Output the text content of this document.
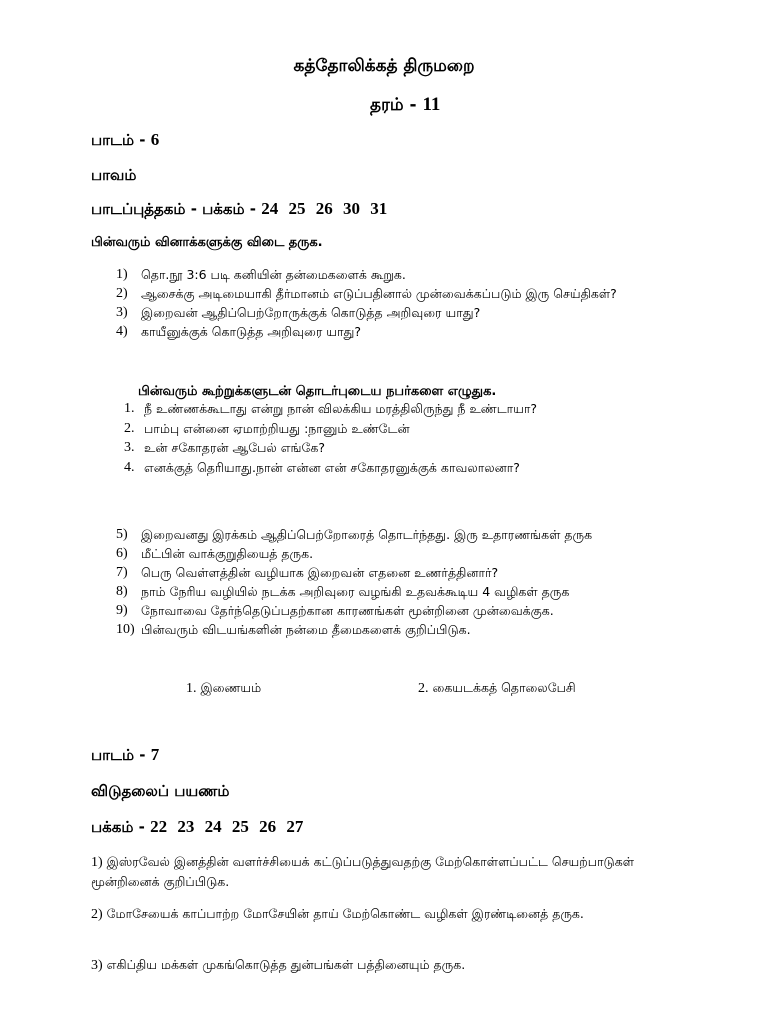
கத்தோலிக்கத் திருமறை
தரம் - 11
பாடம் - 6
பாவம்
பாடப்புத்தகம் - பக்கம் - 24 25 26 30 31
பின்வரும் வினாக்களுக்கு விடை தருக.
1)	தொ.நூ 3:6 படி கனியின் தன்மைகளைக் கூறுக.
2)	ஆசைக்கு அடிமையாகி தீர்மானம் எடுப்பதினால் முன்வைக்கப்படும் இரு செய்திகள்?
3)	இறைவன் ஆதிப்பெற்றோருக்குக் கொடுத்த அறிவுரை யாது?
4)	காயீனுக்குக் கொடுத்த அறிவுரை யாது?
பின்வரும் கூற்றுக்களுடன் தொடர்புடைய நபர்களை எழுதுக.
1. நீ உண்ணக்கூடாது என்று நான் விலக்கிய மரத்திலிருந்து நீ உண்டாயா?
2. பாம்பு என்னை ஏமாற்றியது :நானும் உண்டேன்
3. உன் சகோதரன் ஆபேல் எங்கே?
4. எனக்குத் தெரியாது.நான் என்ன என் சகோதரனுக்குக் காவலாலனா?
5)	இறைவனது இரக்கம் ஆதிப்பெற்றோரைத் தொடர்ந்தது. இரு உதாரணங்கள் தருக
6)	மீட்பின் வாக்குறுதியைத் தருக.
7)	பெரு வெள்ளத்தின் வழியாக இறைவன் எதனை உணர்த்தினார்?
8)	நாம் நேரிய வழியில் நடக்க அறிவுரை வழங்கி உதவக்கூடிய 4 வழிகள் தருக
9)	நோவாவை தேர்ந்தெடுப்பதற்கான காரணங்கள் மூன்றினை முன்வைக்குக.
10) பின்வரும் விடயங்களின் நன்மை தீமைகளைக் குறிப்பிடுக.
1. இணையம்	2. கையடக்கத் தொலைபேசி
பாடம் - 7
விடுதலைப் பயணம்
பக்கம் - 22 23 24 25 26 27
1) இஸ்ரவேல் இனத்தின் வளர்ச்சியைக் கட்டுப்படுத்துவதற்கு மேற்கொள்ளப்பட்ட செயற்பாடுகள் மூன்றினைக் குறிப்பிடுக.
2) மோசேயைக் காப்பாற்ற மோசேயின் தாய் மேற்கொண்ட வழிகள் இரண்டினைத் தருக.
3) எகிப்திய மக்கள் முகங்கொடுத்த துன்பங்கள் பத்தினையும் தருக.
